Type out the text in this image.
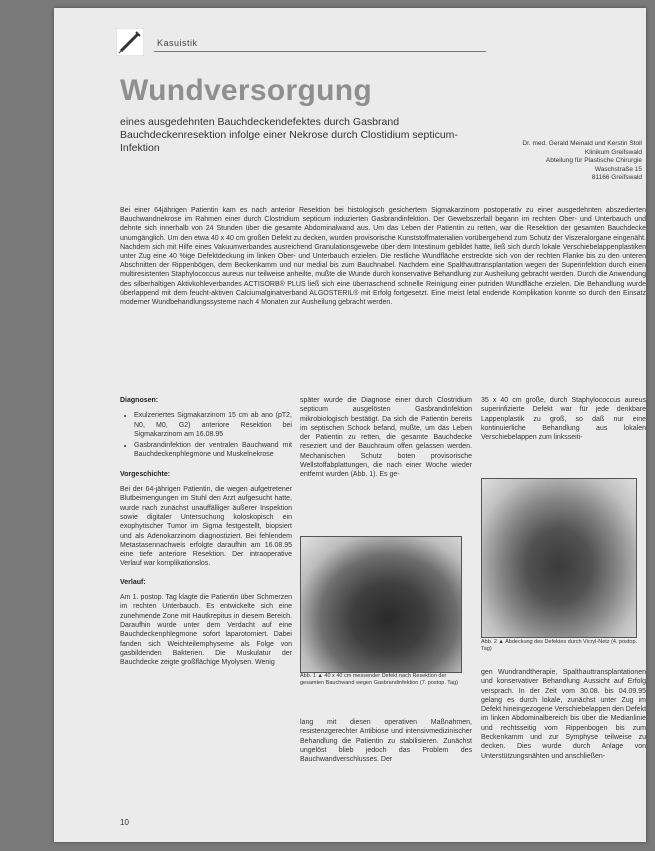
Kasuistik
Wundversorgung
eines ausgedehnten Bauchdeckendefektes durch Gasbrand Bauchdeckenresektion infolge einer Nekrose durch Clostidium septicum-Infektion	Dr. med. Gerald Meinald und Kerstin Stoll
Klinikum Greifswald
Abteilung für Plastische Chirurgie
Waschstraße 15
81166 Greifswald
Bei einer 64jährigen Patientin kam es nach anterior Resektion bei histologisch gesichertem Sigmakarzinom postoperativ zu einer ausgedehnten abszedierten Bauchwandnekrose im Rahmen einer durch Clostridium septicum induzierten Gasbrandinfektion. Der Gewebszerfall begann im rechten Ober- und Unterbauch und dehnte sich innerhalb von 24 Stunden über die gesamte Abdominalwand aus. Um das Leben der Patientin zu retten, war die Resektion der gesamten Bauchdecke unumgänglich. Um den etwa 40 x 40 cm großen Defekt zu decken, wurden provisorische Kunststoffmaterialien vorübergehend zum Schutz der Viszeralorgane eingenäht. Nachdem sich mit Hilfe eines Vakuumverbandes ausreichend Granulationsgewebe über dem Intestinum gebildet hatte, ließ sich durch lokale Verschiebelappenplastiken unter Zug eine 40 %ige Defektdeckung im linken Ober- und Unterbauch erzielen. Die restliche Wundfläche erstreckte sich von der rechten Flanke bis zu den unteren Abschnitten der Rippenbögen, dem Beckenkamm und nur medial bis zum Bauchnabel. Nachdem eine Spalthauttransplantation wegen der Superinfektion durch einen multiresistenten Staphylococcus aureus nur teilweise anheilte, mußte die Wunde durch konservative Behandlung zur Ausheilung gebracht werden. Durch die Anwendung des silberhaltigen Aktivkohleverbandes ACTISORB® PLUS ließ sich eine überraschend schnelle Reinigung einer putriden Wundfläche erzielen. Die Behandlung wurde überlappend mit dem feucht-aktiven Calciumalginatverband ALGOSTERIL® mit Erfolg fortgesetzt. Eine meist letal endende Komplikation konnte so durch den Einsatz moderner Wundbehandlungssysteme nach 4 Monaten zur Ausheilung gebracht werden.
Diagnosen:
• Exulzeriertes Sigmakarzinom 15 cm ab ano (pT2, N0, M0, G2) anteriore Resektion bei Sigmakarzinom am 16.08.95
• Gasbrandinfektion der ventralen Bauchwand mit Bauchdeckenphlegmone und Muskelnekrose
Vorgeschichte:
Bei der 64-jährigen Patientin, die wegen aufgetretener Blutbeimengungen im Stuhl den Arzt aufgesucht hatte, wurde nach zunächst unauffälliger äußerer Inspektion sowie digitaler Untersuchung koloskopisch ein exophytischer Tumor im Sigma festgestellt, biopsiert und als Adenokarzinom diagnostiziert. Bei fehlendem Metastasennachweis erfolgte daraufhin am 16.08.95 eine tiefe anteriore Resektion. Der intraoperative Verlauf war komplikationslos.
Verlauf:
Am 1. postop. Tag klagte die Patientin über Schmerzen im rechten Unterbauch. Es entwickelte sich eine zunehmende Zone mit Hautkrepitus in diesem Bereich. Daraufhin wurde unter dem Verdacht auf eine Bauchdeckenphlegmone sofort laparotomiert. Dabei fanden sich Weichteilemphyseme als Folge von gasbildenden Bakterien. Die Muskulatur der Bauchdecke zeigte großflächige Myolysen. Wenig
später wurde die Diagnose einer durch Clostridium septicum ausgelösten Gasbrandinfektion mikrobiologisch bestätigt. Da sich die Patientin bereits im septischen Schock befand, mußte, um das Leben der Patientin zu retten, die gesamte Bauchdecke reseziert und der Bauchraum offen gelassen werden. Mechanischen Schutz boten provisorische Wellstoffabplattungen, die nach einer Woche wieder entfernt wurden (Abb. 1). Es ge-
Abb. 1 ▲ 40 x 40 cm messender Defekt nach Resektion der gesamten Bauchwand wegen Gasbrandinfektion (7. postop. Tag)
lang mit diesen operativen Maßnahmen, resistenzgerechter Antibiose und intensivmedizinischer Behandlung die Patientin zu stabilisieren. Zunächst ungelöst blieb jedoch das Problem des Bauchwandverschlusses. Der
35 x 40 cm große, durch Staphylococcus aureus superinfizierte Defekt war für jede denkbare Lappenplastik zu groß, so daß nur eine kontinuierliche Behandlung aus lokalen Verschiebelappen zum linksseiti-
Abb. 2 ▲ Abdeckung des Defektes durch Vicryl-Netz (4. postop. Tag)
gen Wundrandtherapie, Spalthauttransplantationen und konservativer Behandlung Aussicht auf Erfolg versprach. In der Zeit vom 30.08. bis 04.09.95 gelang es durch lokale, zunächst unter Zug im Defekt hineingezogene Verschiebelappen den Defekt im linken Abdominalbereich bis über die Medianlinie und rechtsseitig vom Rippenbogen bis zum Beckenkamm und zur Symphyse teilweise zu decken. Dies wurde durch Anlage von Unterstützungsnähten und anschließen-
10
